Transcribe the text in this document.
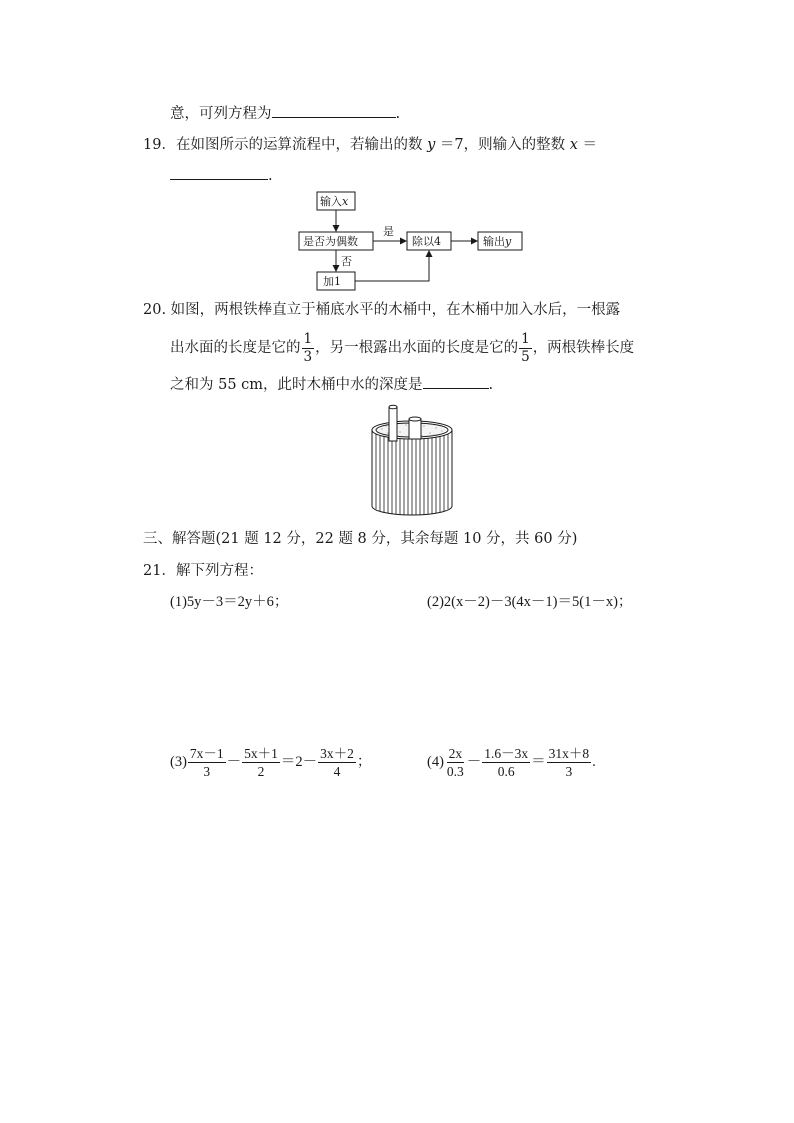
意，可列方程为	.
19．在如图所示的运算流程中，若输出的数 y ＝7，则输入的整数 x ＝
.
输入x
是否为偶数
是
除以4	输出y
否
加1
20. 如图，两根铁棒直立于桶底水平的木桶中，在木桶中加入水后，一根露
出水面的长度是它的 $\frac{1}{3}$ ，另一根露出水面的长度是它的 $\frac{1}{5}$ ，两根铁棒长度
之和为 55 cm，此时木桶中水的深度是	.
三、解答题(21 题 12 分，22 题 8 分，其余每题 10 分，共 60 分)
21．解下列方程：
(1)5y－3＝2y＋6；	(2)2(x－2)－3(4x－1)＝5(1－x)；
$(3) \frac{7x-1}{3} - \frac{5x+1}{2} =2- \frac{3x+2}{4}$ ；	$(4) \frac{2x}{0.3} - \frac{1.6-3x}{0.6} = \frac{31x+8}{3}$ .
